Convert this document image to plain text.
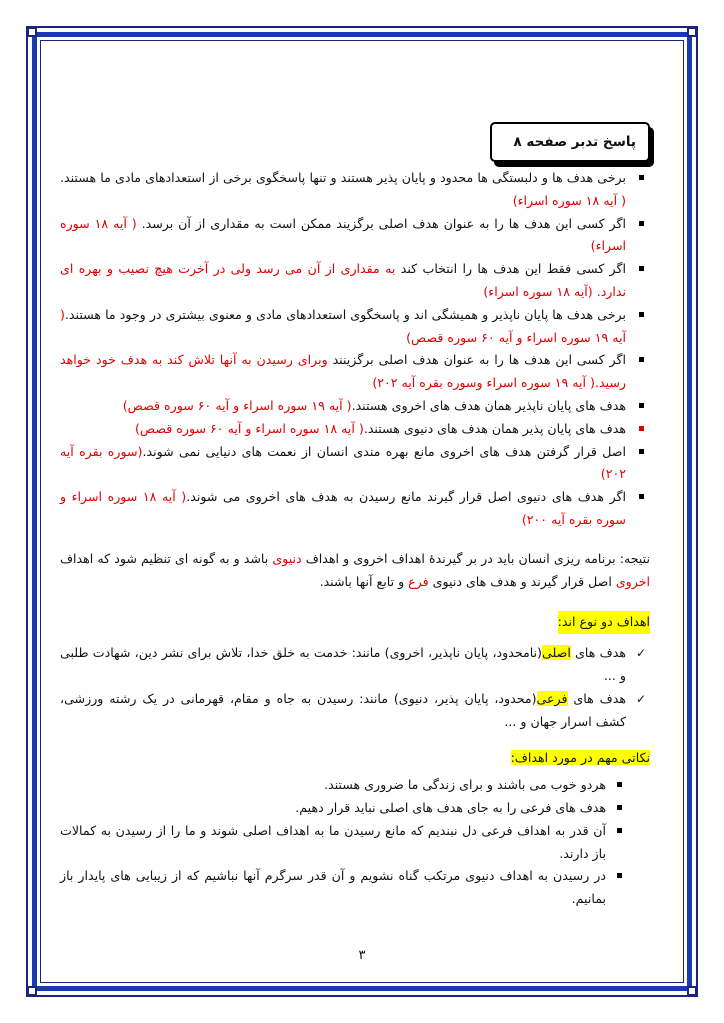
پاسخ تدبر صفحه ۸
برخی هدف ها و دلبستگی ها محدود و پایان پذیر هستند و تنها پاسخگوی برخی از استعدادهای مادی ما هستند.( آیه ۱۸ سوره اسراء)
اگر کسی این هدف ها را به عنوان هدف اصلی برگزیند ممکن است به مقداری از آن برسد. ( آیه ۱۸ سوره اسراء)
اگر کسی فقط این هدف ها را انتخاب کند به مقداری از آن می رسد ولی در آخرت هیچ نصیب و بهره ای ندارد. (آیه ۱۸ سوره اسراء)
برخی هدف ها پایان ناپذیر و همیشگی اند و پاسخگوی استعدادهای مادی و معنوی بیشتری در وجود ما هستند.( آیه ۱۹ سوره اسراء و آیه ۶۰ سوره قصص)
اگر کسی این هدف ها را به عنوان هدف اصلی برگزینند وبرای رسیدن به آنها تلاش کند به هدف خود خواهد رسید.( آیه ۱۹ سوره اسراء وسوره بقره آیه ۲۰۲)
هدف های پایان ناپذیر همان هدف های اخروی هستند.( آیه ۱۹ سوره اسراء و آیه ۶۰ سوره قصص)
هدف های پایان پذیر همان هدف های دنیوی هستند.( آیه ۱۸ سوره اسراء و آیه ۶۰ سوره قصص)
اصل قرار گرفتن هدف های اخروی مانع بهره مندی انسان از نعمت های دنیایی نمی شوند.(سوره بقره آیه ۲۰۲)
اگر هدف های دنیوی اصل قرار گیرند مانع رسیدن به هدف های اخروی می شوند.( آیه ۱۸ سوره اسراء و سوره بقره آیه ۲۰۰)
نتیجه: برنامه ریزی انسان باید در بر گیرندۀ اهداف اخروی و اهداف دنیوی باشد و به گونه ای تنظیم شود که اهداف اخروی اصل قرار گیرند و هدف های دنیوی فرع و تابع آنها باشند.
اهداف دو نوع اند:
✓ هدف های اصلی(نامحدود، پایان ناپذیر، اخروی) مانند: خدمت به خلق خدا، تلاش برای نشر دین، شهادت طلبی و ...
✓ هدف های فرعی(محدود، پایان پذیر، دنیوی) مانند: رسیدن به جاه و مقام، قهرمانی در یک رشته ورزشی، کشف اسرار جهان و ...
نکاتی مهم در مورد اهداف:
هردو خوب می باشند و برای زندگی ما ضروری هستند.
هدف های فرعی را به جای هدف های اصلی نباید قرار دهیم.
آن قدر به اهداف فرعی دل نبندیم که مانع رسیدن ما به اهداف اصلی شوند و ما را از رسیدن به کمالات باز دارند.
در رسیدن به اهداف دنیوی مرتکب گناه نشویم و آن قدر سرگرم آنها نباشیم که از زیبایی های پایدار باز بمانیم.
۳
